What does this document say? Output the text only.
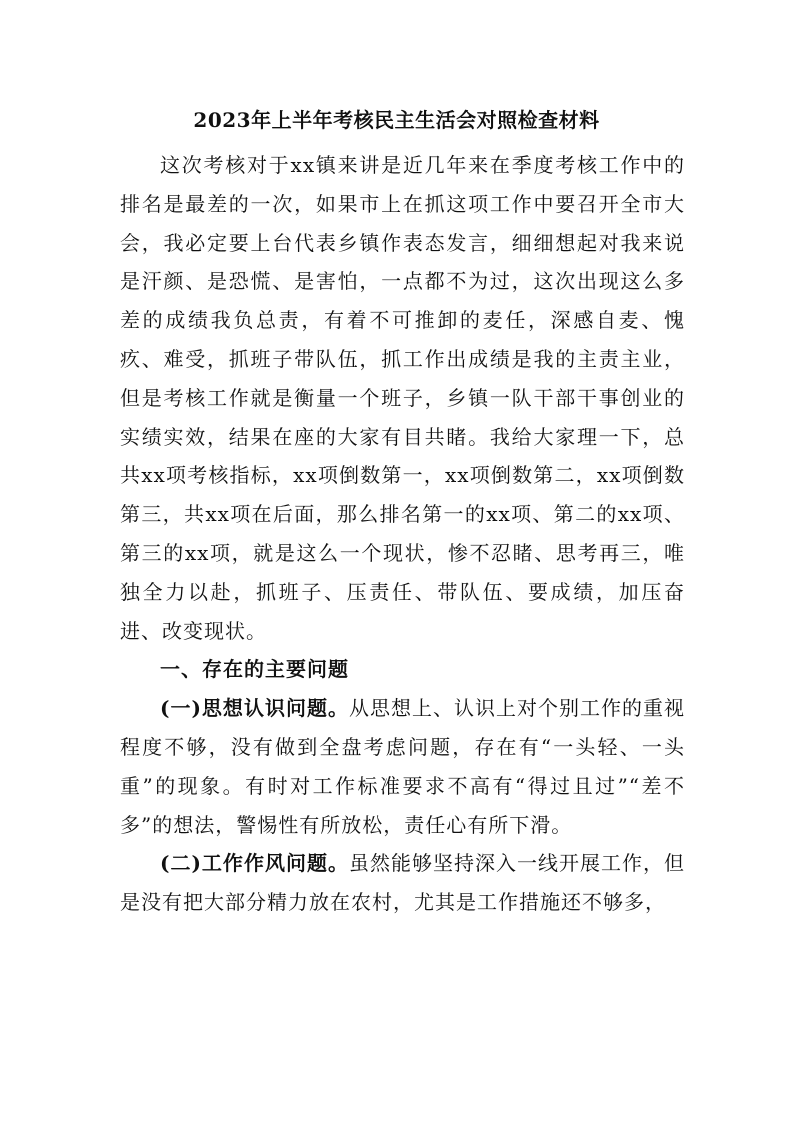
2023年上半年考核民主生活会对照检查材料

这次考核对于xx镇来讲是近几年来在季度考核工作中的排名是最差的一次，如果市上在抓这项工作中要召开全市大会，我必定要上台代表乡镇作表态发言，细细想起对我来说是汗颜、是恐慌、是害怕，一点都不为过，这次出现这么多差的成绩我负总责，有着不可推卸的麦任，深感自麦、愧疚、难受，抓班子带队伍，抓工作出成绩是我的主责主业，但是考核工作就是衡量一个班子，乡镇一队干部干事创业的实绩实效，结果在座的大家有目共睹。我给大家理一下，总共xx项考核指标，xx项倒数第一，xx项倒数第二，xx项倒数第三，共xx项在后面，那么排名第一的xx项、第二的xx项、第三的xx项，就是这么一个现状，惨不忍睹、思考再三，唯独全力以赴，抓班子、压责任、带队伍、要成绩，加压奋进、改变现状。

一、存在的主要问题

(一)思想认识问题。从思想上、认识上对个别工作的重视程度不够，没有做到全盘考虑问题，存在有“一头轻、一头重”的现象。有时对工作标准要求不高有“得过且过”“差不多”的想法，警惕性有所放松，责任心有所下滑。

(二)工作作风问题。虽然能够坚持深入一线开展工作，但是没有把大部分精力放在农村，尤其是工作措施还不够多，
